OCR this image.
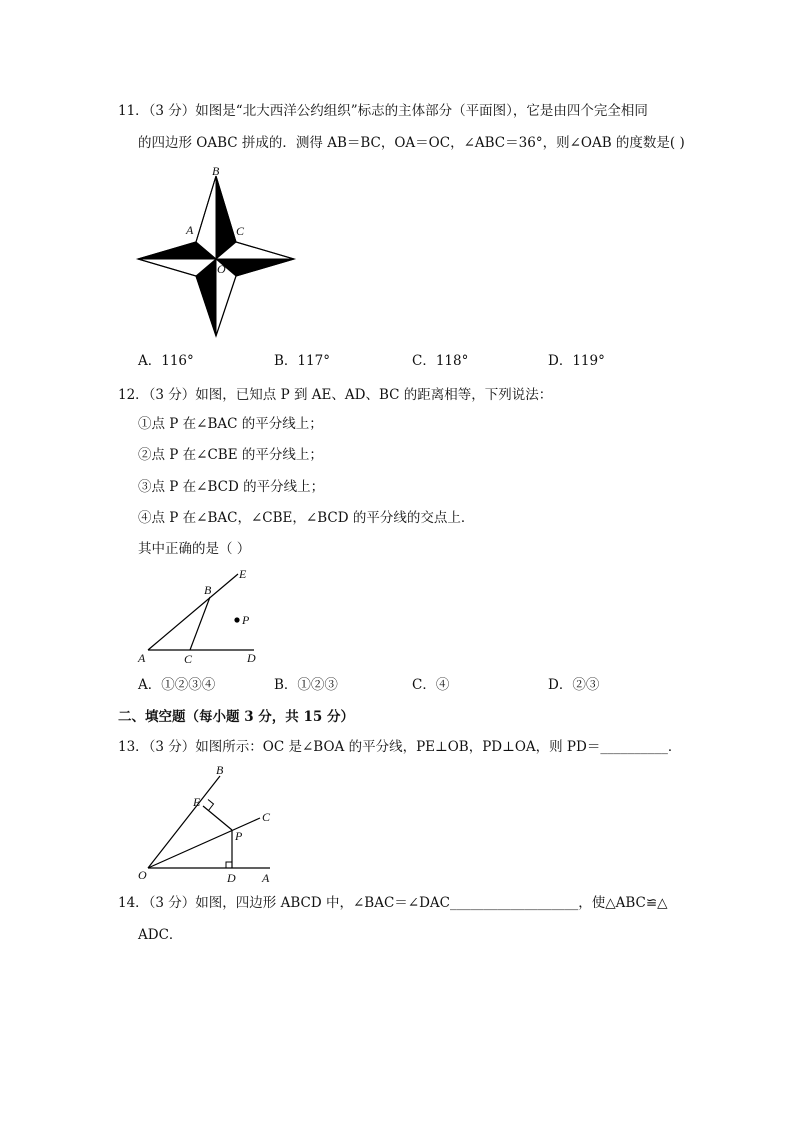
11．（3 分）如图是“北大西洋公约组织”标志的主体部分（平面图），它是由四个完全相同
的四边形 OABC 拼成的．测得 AB＝BC，OA＝OC，∠ABC＝36°，则∠OAB 的度数是( )
B
A	C
O
A．116°	B．117°	C．118°	D．119°
12．（3 分）如图，已知点 P 到 AE、AD、BC 的距离相等，下列说法：
①点 P 在∠BAC 的平分线上；
②点 P 在∠CBE 的平分线上；
③点 P 在∠BCD 的平分线上；
④点 P 在∠BAC，∠CBE，∠BCD 的平分线的交点上．
其中正确的是（ ）
E
B
P
A	C	D
A．①②③④	B．①②③	C．④	D．②③
二、填空题（每小题 3 分，共 15 分）
13．（3 分）如图所示：OC 是∠BOA 的平分线，PE⊥OB，PD⊥OA，则 PD＝__________．
B
E
C
P
O	D A
14．（3 分）如图，四边形 ABCD 中，∠BAC＝∠DAC___________________，使△ABC≌△
ADC．
